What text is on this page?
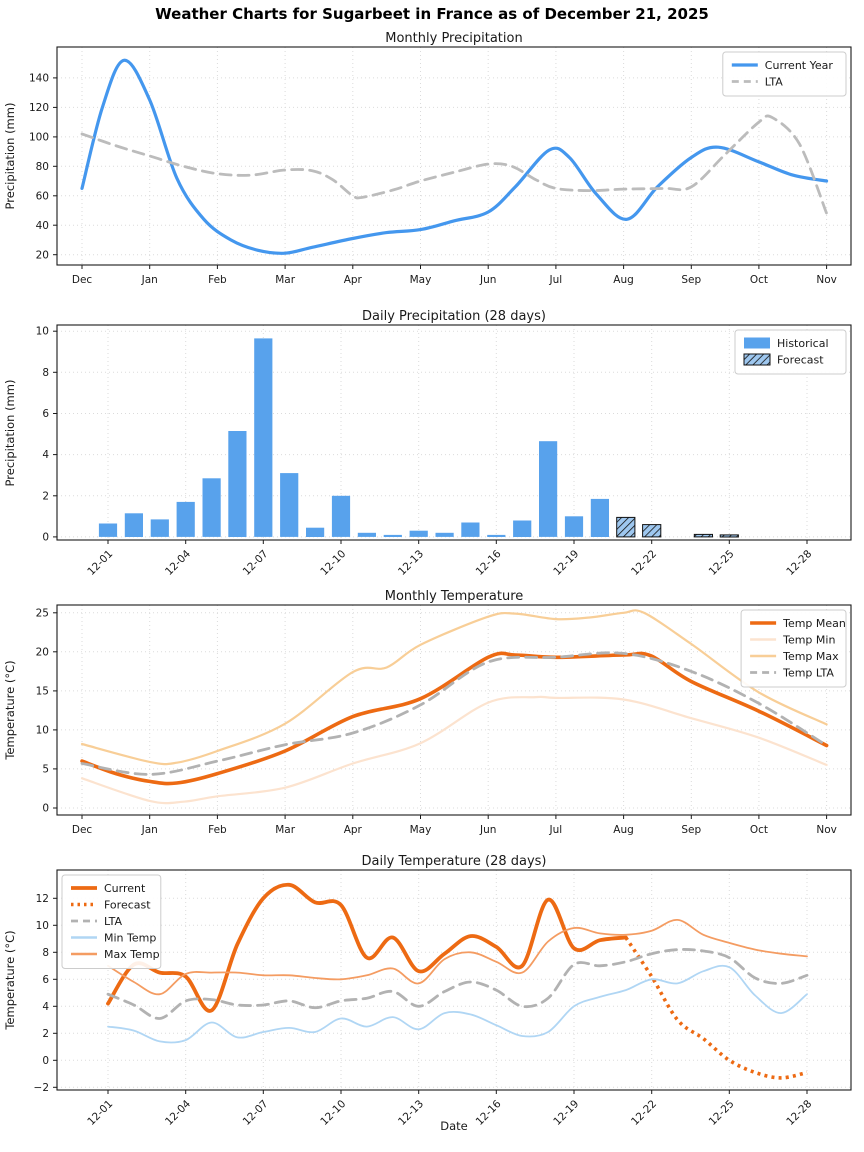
Weather Charts for Sugarbeet in France as of December 21, 2025
Monthly Precipitation
Daily Precipitation (28 days)
Monthly Temperature
Daily Temperature (28 days)
Precipitation (mm)
Precipitation (mm)
Temperature (°C)
Temperature (°C)
Date
20
40
60
80
100
120
140
Dec	Jan	Feb	Mar	Apr	May	Jun	Jul	Aug	Sep	Oct	Nov
Current Year
LTA
0
2
4
6
8
10
12-01	12-04	12-07	12-10	12-13	12-16	12-19	12-22	12-25	12-28
Historical
Forecast
0
5
10
15
20
25
Dec	Jan	Feb	Mar	Apr	May	Jun	Jul	Aug	Sep	Oct	Nov
Temp Mean
Temp Min
Temp Max
Temp LTA
−2
0
2
4
6
8
10
12
12-01	12-04	12-07	12-10	12-13	12-16	12-19	12-22	12-25	12-28
Current
Forecast
LTA
Min Temp
Max Temp
